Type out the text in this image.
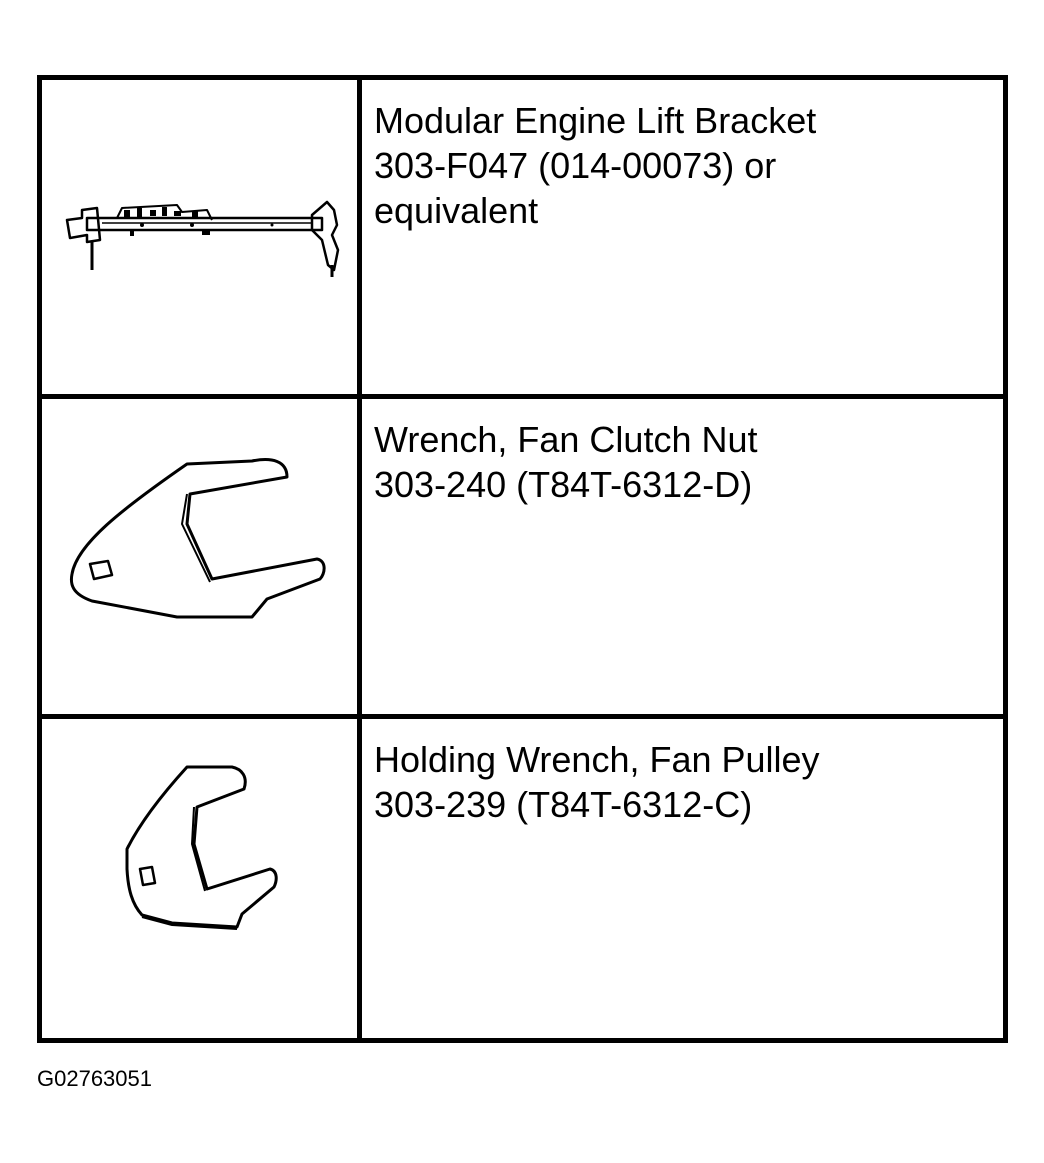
Modular Engine Lift Bracket
303-F047 (014-00073) or
equivalent
Wrench, Fan Clutch Nut
303-240 (T84T-6312-D)
Holding Wrench, Fan Pulley
303-239 (T84T-6312-C)
G02763051
